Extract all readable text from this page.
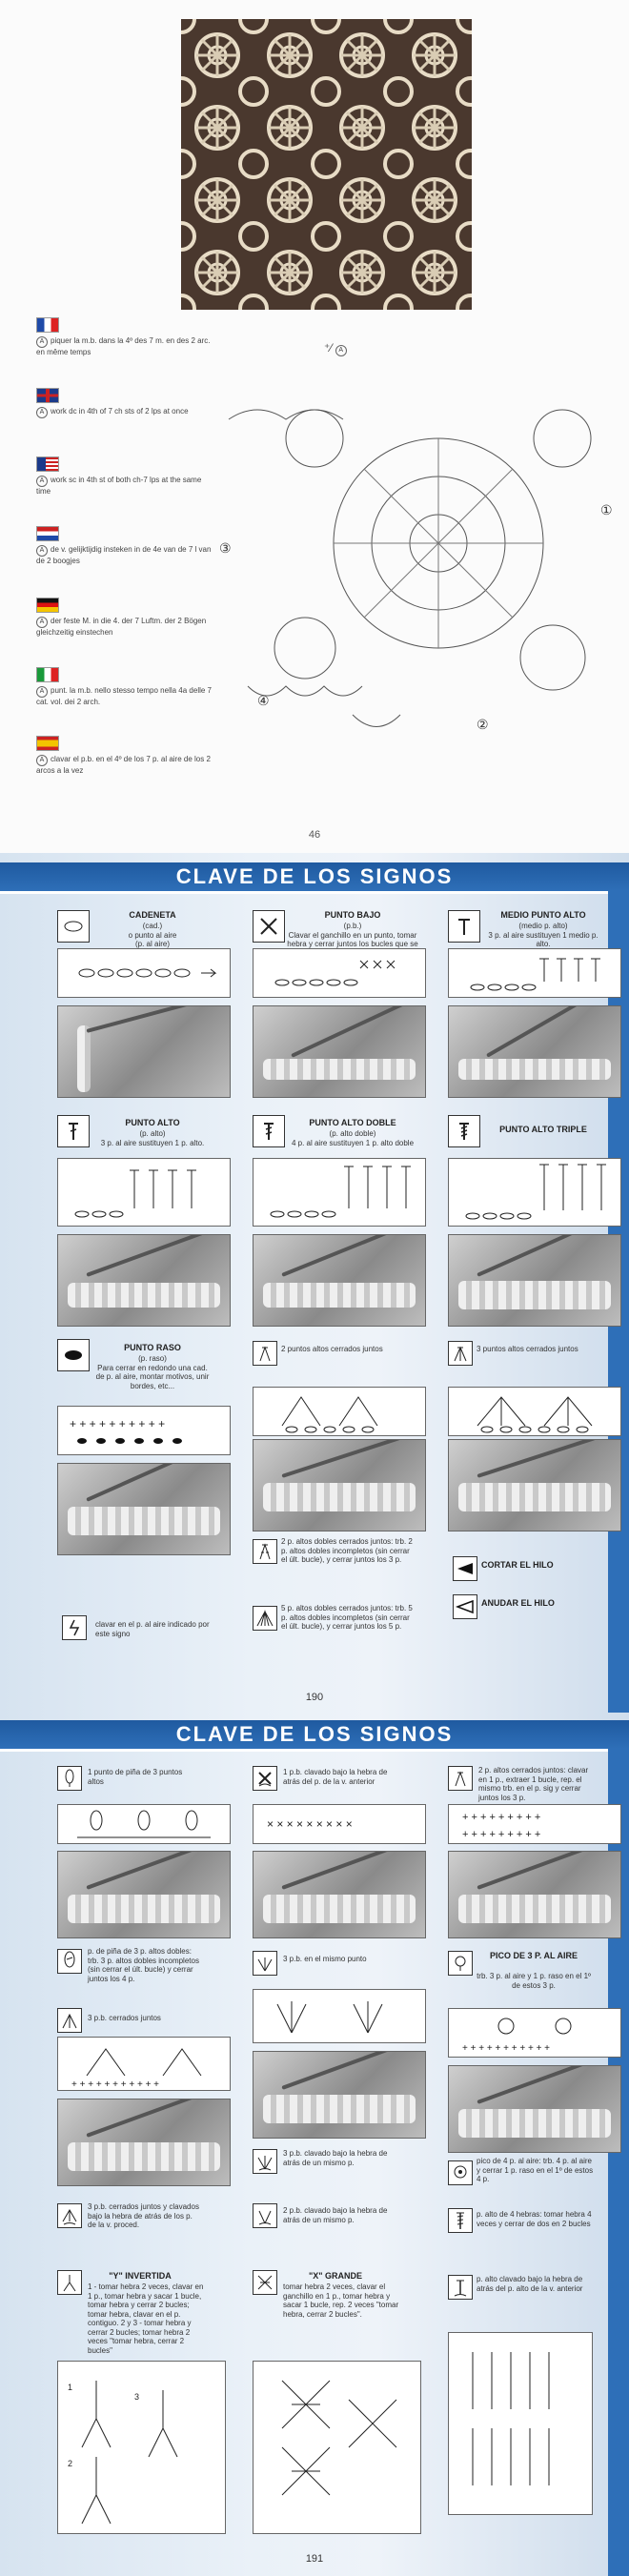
⁺⁄ A
A piquer la m.b. dans la 4º des 7 m. en des 2 arc. en même temps
A work dc in 4th of 7 ch sts of 2 lps at once
A work sc in 4th st of both ch-7 lps at the same time
A de v. gelijktijdig insteken in de 4e van de 7 l van de 2 boogjes
A der feste M. in die 4. der 7 Luftm. der 2 Bögen gleichzeitig einstechen
A punt. la m.b. nello stesso tempo nella 4a delle 7 cat. vol. dei 2 arch.
A clavar el p.b. en el 4º de los 7 p. al aire de los 2 arcos a la vez
③
①
④
②
46
CLAVE DE LOS SIGNOS
CADENETA
(cad.)
o punto al aire
(p. al aire)
PUNTO BAJO
(p.b.)
Clavar el ganchillo en un punto, tomar hebra y cerrar juntos los bucles que se
MEDIO PUNTO ALTO
(medio p. alto)
3 p. al aire sustituyen 1 medio p. alto.
PUNTO ALTO
(p. alto)
3 p. al aire sustituyen 1 p. alto.
PUNTO ALTO DOBLE
(p. alto doble)
4 p. al aire sustituyen 1 p. alto doble
PUNTO ALTO TRIPLE
PUNTO RASO
(p. raso)
Para cerrar en redondo una cad. de p. al aire, montar motivos, unir bordes, etc...
2 puntos altos cerrados juntos	3 puntos altos cerrados juntos
+ + + + + + + + + +
2 p. altos dobles cerrados juntos: trb. 2 p. altos dobles incompletos (sin cerrar el últ. bucle), y cerrar juntos los 3 p.
5 p. altos dobles cerrados juntos: trb. 5 p. altos dobles incompletos (sin cerrar el últ. bucle), y cerrar juntos los 5 p.
CORTAR EL HILO
ANUDAR EL HILO
clavar en el p. al aire indicado por este signo
190
CLAVE DE LOS SIGNOS
1 punto de piña de 3 puntos altos
1 p.b. clavado bajo la hebra de atrás del p. de la v. anterior
2 p. altos cerrados juntos: clavar en 1 p., extraer 1 bucle, rep. el mismo trb. en el p. sig y cerrar juntos los 3 p.
× × × × × × × × ×	+ + + + + + + + +
+ + + + + + + + +
p. de piña de 3 p. altos dobles: trb. 3 p. altos dobles incompletos (sin cerrar el últ. bucle) y cerrar juntos los 4 p.
3 p.b. en el mismo punto	PICO DE 3 P. AL AIRE
trb. 3 p. al aire y 1 p. raso en el 1º de estos 3 p.
3 p.b. cerrados juntos
+ + + + + + + + + + +
+ + + + + + + + + + +
3 p.b. clavado bajo la hebra de atrás de un mismo p.	pico de 4 p. al aire: trb. 4 p. al aire y cerrar 1 p. raso en el 1º de estos 4 p.
3 p.b. cerrados juntos y clavados bajo la hebra de atrás de los p. de la v. proced.
2 p.b. clavado bajo la hebra de atrás de un mismo p.
p. alto de 4 hebras: tomar hebra 4 veces y cerrar de dos en 2 bucles
"Y" INVERTIDA
1 - tomar hebra 2 veces, clavar en 1 p., tomar hebra y sacar 1 bucle, tomar hebra y cerrar 2 bucles; tomar hebra, clavar en el p. contiguo. 2 y 3 - tomar hebra y cerrar 2 bucles; tomar hebra 2 veces "tomar hebra, cerrar 2 bucles"
"X" GRANDE
tomar hebra 2 veces, clavar el ganchillo en 1 p., tomar hebra y sacar 1 bucle, rep. 2 veces "tomar hebra, cerrar 2 bucles".
p. alto clavado bajo la hebra de atrás del p. alto de la v. anterior
1
2
3
191
